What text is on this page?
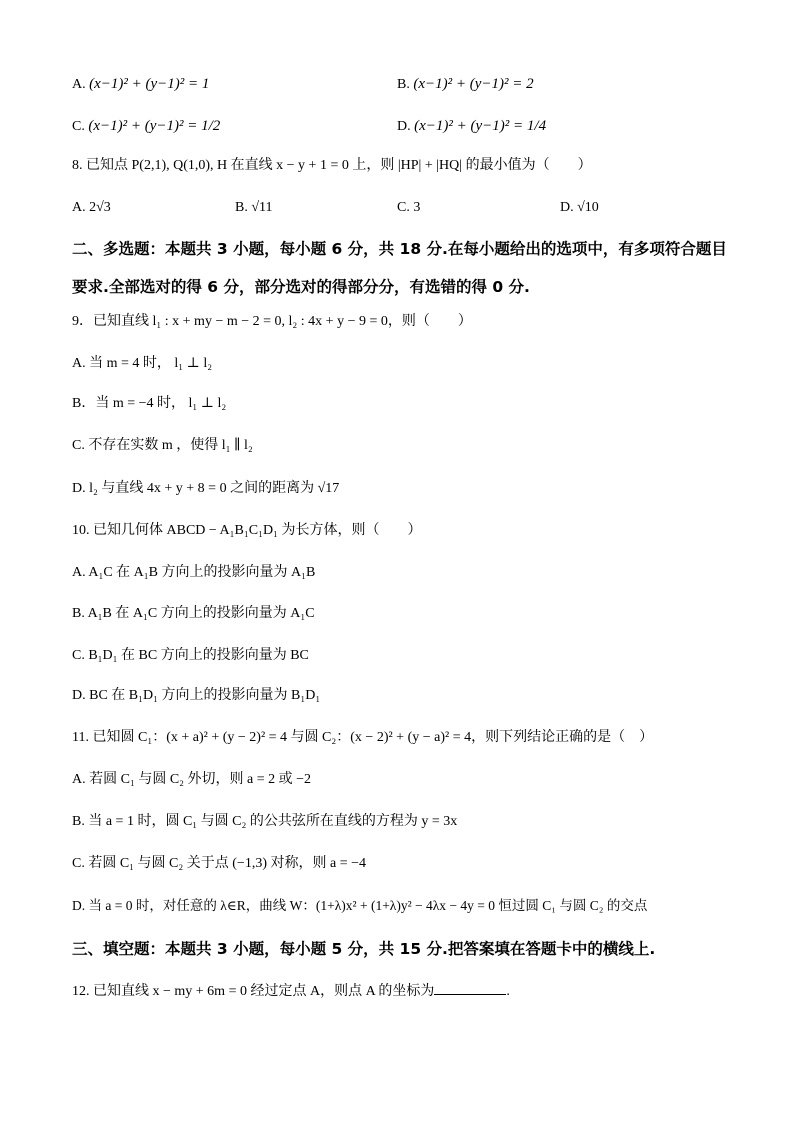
A. (x−1)² + (y−1)² = 1	B. (x−1)² + (y−1)² = 2
C. (x−1)² + (y−1)² = 1/2	D. (x−1)² + (y−1)² = 1/4
8. 已知点 P(2,1), Q(1,0), H 在直线 x − y + 1 = 0 上，则 |HP| + |HQ| 的最小值为（　　）
A. 2√3	B. √11	C. 3	D. √10
二、多选题：本题共 3 小题，每小题 6 分，共 18 分.在每小题给出的选项中，有多项符合题目
要求.全部选对的得 6 分，部分选对的得部分分，有选错的得 0 分.
9．已知直线 l₁ : x + my − m − 2 = 0, l₂ : 4x + y − 9 = 0，则（　　）
A. 当 m = 4 时， l₁ ⊥ l₂
B．当 m = −4 时， l₁ ⊥ l₂
C. 不存在实数 m ，使得 l₁ ∥ l₂
D. l₂ 与直线 4x + y + 8 = 0 之间的距离为 √17
10. 已知几何体 ABCD − A₁B₁C₁D₁ 为长方体，则（　　）
A. A₁C 在 A₁B 方向上的投影向量为 A₁B
B. A₁B 在 A₁C 方向上的投影向量为 A₁C
C. B₁D₁ 在 BC 方向上的投影向量为 BC
D. BC 在 B₁D₁ 方向上的投影向量为 B₁D₁
11. 已知圆 C₁：(x + a)² + (y − 2)² = 4 与圆 C₂：(x − 2)² + (y − a)² = 4，则下列结论正确的是（　）
A. 若圆 C₁ 与圆 C₂ 外切，则 a = 2 或 −2
B. 当 a = 1 时，圆 C₁ 与圆 C₂ 的公共弦所在直线的方程为 y = 3x
C. 若圆 C₁ 与圆 C₂ 关于点 (−1,3) 对称，则 a = −4
D. 当 a = 0 时，对任意的 λ∈R，曲线 W：(1+λ)x² + (1+λ)y² − 4λx − 4y = 0 恒过圆 C₁ 与圆 C₂ 的交点
三、填空题：本题共 3 小题，每小题 5 分，共 15 分.把答案填在答题卡中的横线上.
12. 已知直线 x − my + 6m = 0 经过定点 A，则点 A 的坐标为	.
